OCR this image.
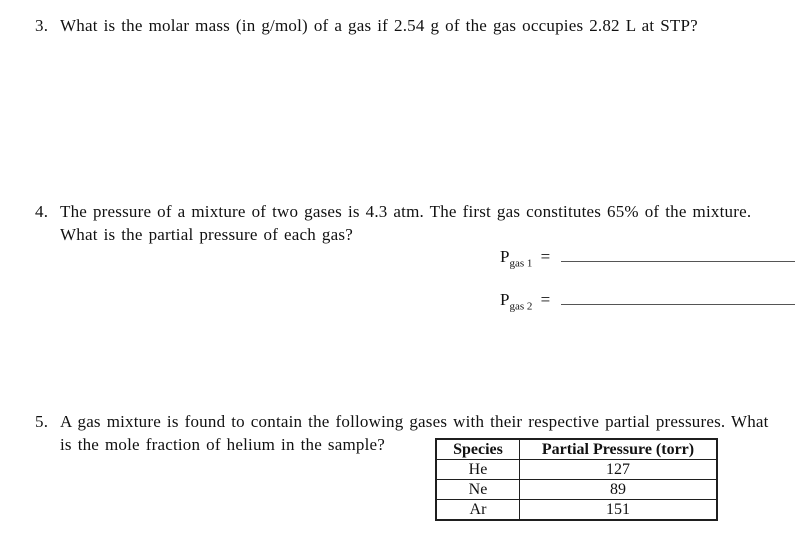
3. What is the molar mass (in g/mol) of a gas if 2.54 g of the gas occupies 2.82 L at STP?
4. The pressure of a mixture of two gases is 4.3 atm. The first gas constitutes 65% of the mixture.
What is the partial pressure of each gas?
$P_{gas 1}$ =
$P_{gas 2}$ =
5. A gas mixture is found to contain the following gases with their respective partial pressures. What
is the mole fraction of helium in the sample?	Species	Partial Pressure (torr)
He	127
Ne	89
Ar	151
